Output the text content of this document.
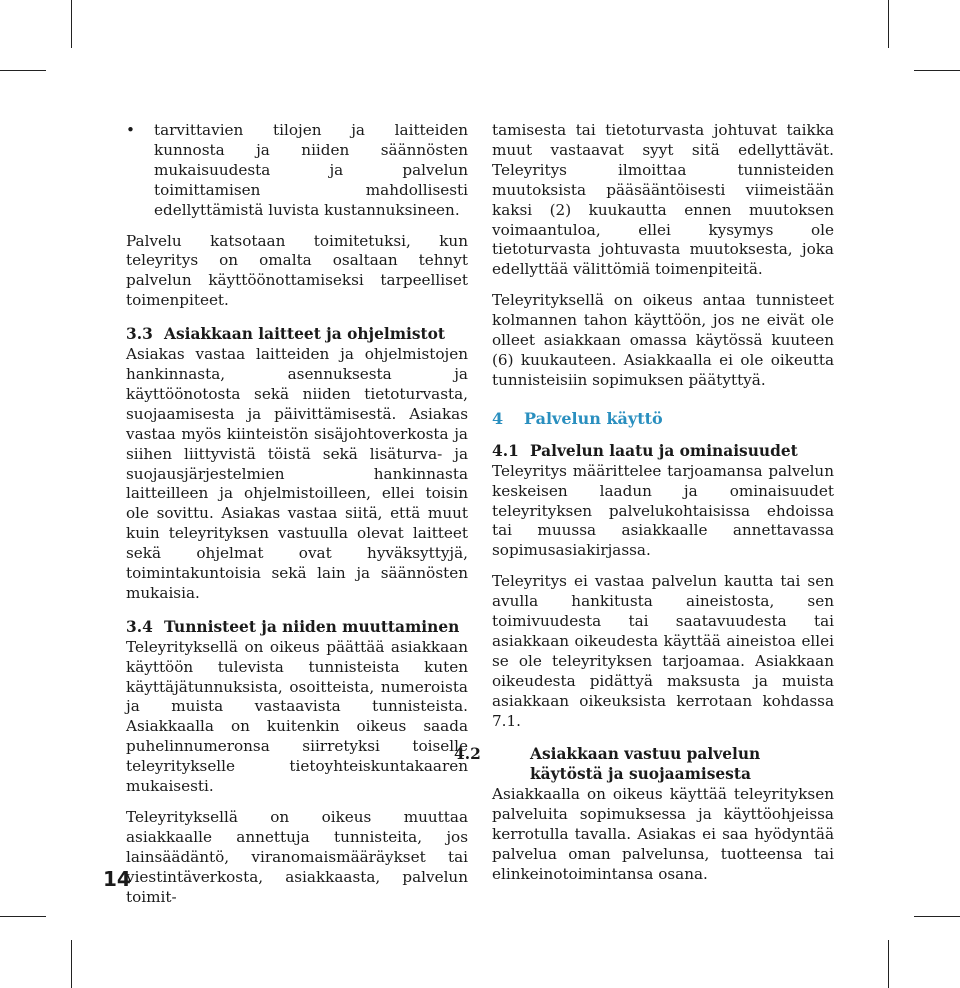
• tarvittavien tilojen ja laitteiden kunnosta ja niiden säännösten mukaisuudesta ja palvelun toimittamisen mahdollisesti edellyttämistä luvista kustannuksineen.

Palvelu katsotaan toimitetuksi, kun teleyritys on omalta osaltaan tehnyt palvelun käyttöönottamiseksi tarpeelliset toimenpiteet.

3.3 Asiakkaan laitteet ja ohjelmistot

Asiakas vastaa laitteiden ja ohjelmistojen hankinnasta, asennuksesta ja käyttöönotosta sekä niiden tietoturvasta, suojaamisesta ja päivittämisestä. Asiakas vastaa myös kiinteistön sisäjohtoverkosta ja siihen liittyvistä töistä sekä lisäturva- ja suojausjärjestelmien hankinnasta laitteilleen ja ohjelmistoilleen, ellei toisin ole sovittu. Asiakas vastaa siitä, että muut kuin teleyrityksen vastuulla olevat laitteet sekä ohjelmat ovat hyväksyttyjä, toimintakuntoisia sekä lain ja säännösten mukaisia.

3.4 Tunnisteet ja niiden muuttaminen

Teleyrityksellä on oikeus päättää asiakkaan käyttöön tulevista tunnisteista kuten käyttäjätunnuksista, osoitteista, numeroista ja muista vastaavista tunnisteista. Asiakkaalla on kuitenkin oikeus saada puhelinnumeronsa siirretyksi toiselle teleyritykselle tietoyhteiskuntakaaren mukaisesti.

Teleyrityksellä on oikeus muuttaa asiakkaalle annettuja tunnisteita, jos lainsäädäntö, viranomaismääräykset tai viestintäverkosta, asiakkaasta, palvelun toimit-

tamisesta tai tietoturvasta johtuvat taikka muut vastaavat syyt sitä edellyttävät. Teleyritys ilmoittaa tunnisteiden muutoksista pääsääntöisesti viimeistään kaksi (2) kuukautta ennen muutoksen voimaantuloa, ellei kysymys ole tietoturvasta johtuvasta muutoksesta, joka edellyttää välittömiä toimenpiteitä.

Teleyrityksellä on oikeus antaa tunnisteet kolmannen tahon käyttöön, jos ne eivät ole olleet asiakkaan omassa käytössä kuuteen (6) kuukauteen. Asiakkaalla ei ole oikeutta tunnisteisiin sopimuksen päätyttyä.

4 Palvelun käyttö
4.1 Palvelun laatu ja ominaisuudet

Teleyritys määrittelee tarjoamansa palvelun keskeisen laadun ja ominaisuudet teleyrityksen palvelukohtaisissa ehdoissa tai muussa asiakkaalle annettavassa sopimusasiakirjassa.

Teleyritys ei vastaa palvelun kautta tai sen avulla hankitusta aineistosta, sen toimivuudesta tai saatavuudesta tai asiakkaan oikeudesta käyttää aineistoa ellei se ole teleyrityksen tarjoamaa. Asiakkaan oikeudesta pidättyä maksusta ja muista asiakkaan oikeuksista kerrotaan kohdassa 7.1.

4.2	Asiakkaan vastuu palvelun käytöstä ja suojaamisesta

Asiakkaalla on oikeus käyttää teleyrityksen palveluita sopimuksessa ja käyttöohjeissa kerrotulla tavalla. Asiakas ei saa hyödyntää palvelua oman palvelunsa, tuotteensa tai elinkeinotoimintansa osana.

14
